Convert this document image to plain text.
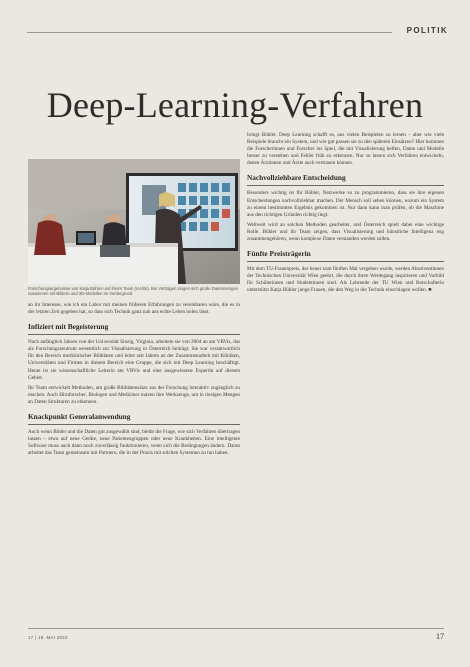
POLITIK
Deep-Learning-Verfahren
Forschungsergebnisse von Katja Bühler und ihrem Team (rechts). Bei Vorträgen zeigen sich große Datenmengen zusammen mit Bildern und 3D-Modellen im Vordergrund

an ihr Interesse, wie ich ein Labor mit meinen früheren Erfahrungen zu vereinbaren wäre, die es in der letzten Zeit gegeben hat, so dass sich Technik ganz nah ans echte Leben holen lässt.

Infiziert mit Begeisterung

Nach anfänglich Jahren von der Universität Sinzig, Virginia, arbeitete sie von 2004 an am VRVis, das als Forschungszentrum wesentlich zur Visualisierung in Österreich beiträgt. Sie war verantwortlich für den Bereich medizinischer Bilddaten und leitet seit Jahren an der Zusammenarbeit mit Kliniken, Universitäten und Firmen in diesem Bereich eine Gruppe, die sich mit Deep Learning beschäftigt. Heute ist sie wissenschaftliche Leiterin am VRVis und eine ausgewiesene Expertin auf diesem Gebiet.

Ihr Team entwickelt Methoden, um große Bilddatensätze aus der Forschung interaktiv zugänglich zu machen. Auch Hirnforscher, Biologen und Mediziner nutzen ihre Werkzeuge, um in riesigen Mengen an Daten Strukturen zu erkennen.

Knackpunkt Generalanwendung

Auch wenn Bilder und die Daten gut ausgewählt sind, bleibt die Frage, wie sich Verfahren übertragen lassen – etwa auf neue Geräte, neue Patientengruppen oder neue Krankheiten. Eine intelligente Software muss auch dann noch zuverlässig funktionieren, wenn sich die Bedingungen ändern. Daran arbeitet das Team gemeinsam mit Partnern, die in der Praxis mit solchen Systemen zu tun haben.

bringt Bühler. Deep Learning schafft es, aus vielen Beispielen zu lernen – aber wie viele Beispiele braucht ein System, und wie gut passen sie zu den späteren Einsätzen? Hier kommen die Forscherinnen und Forscher ins Spiel, die mit Visualisierung helfen, Daten und Modelle besser zu verstehen und Fehler früh zu erkennen. Nur so lassen sich Verfahren entwickeln, denen Ärztinnen und Ärzte auch vertrauen können.

Nachvollziehbare Entscheidung

Besonders wichtig ist für Bühler, Netzwerke so zu programmieren, dass sie ihre eigenen Entscheidungen nachvollziehbar machen. Der Mensch soll sehen können, warum ein System zu einem bestimmten Ergebnis gekommen ist. Nur dann kann man prüfen, ob die Maschine aus den richtigen Gründen richtig liegt.

Weltweit wird an solchen Methoden gearbeitet, und Österreich spielt dabei eine wichtige Rolle. Bühler und ihr Team zeigen, dass Visualisierung und künstliche Intelligenz eng zusammengehören, wenn komplexe Daten verstanden werden sollen.

Fünfte Preisträgerin

Mit dem TU-Frauenpreis, der heuer zum fünften Mal vergeben wurde, werden Absolventinnen der Technischen Universität Wien geehrt, die durch ihren Werdegang inspirieren und Vorbild für Schülerinnen und Studentinnen sind. Als Lehrende der TU Wien und Botschafterin unterstützt Katja Bühler junge Frauen, die den Weg in die Technik einschlagen wollen. ■

17 | 18. MAI 2023	17
